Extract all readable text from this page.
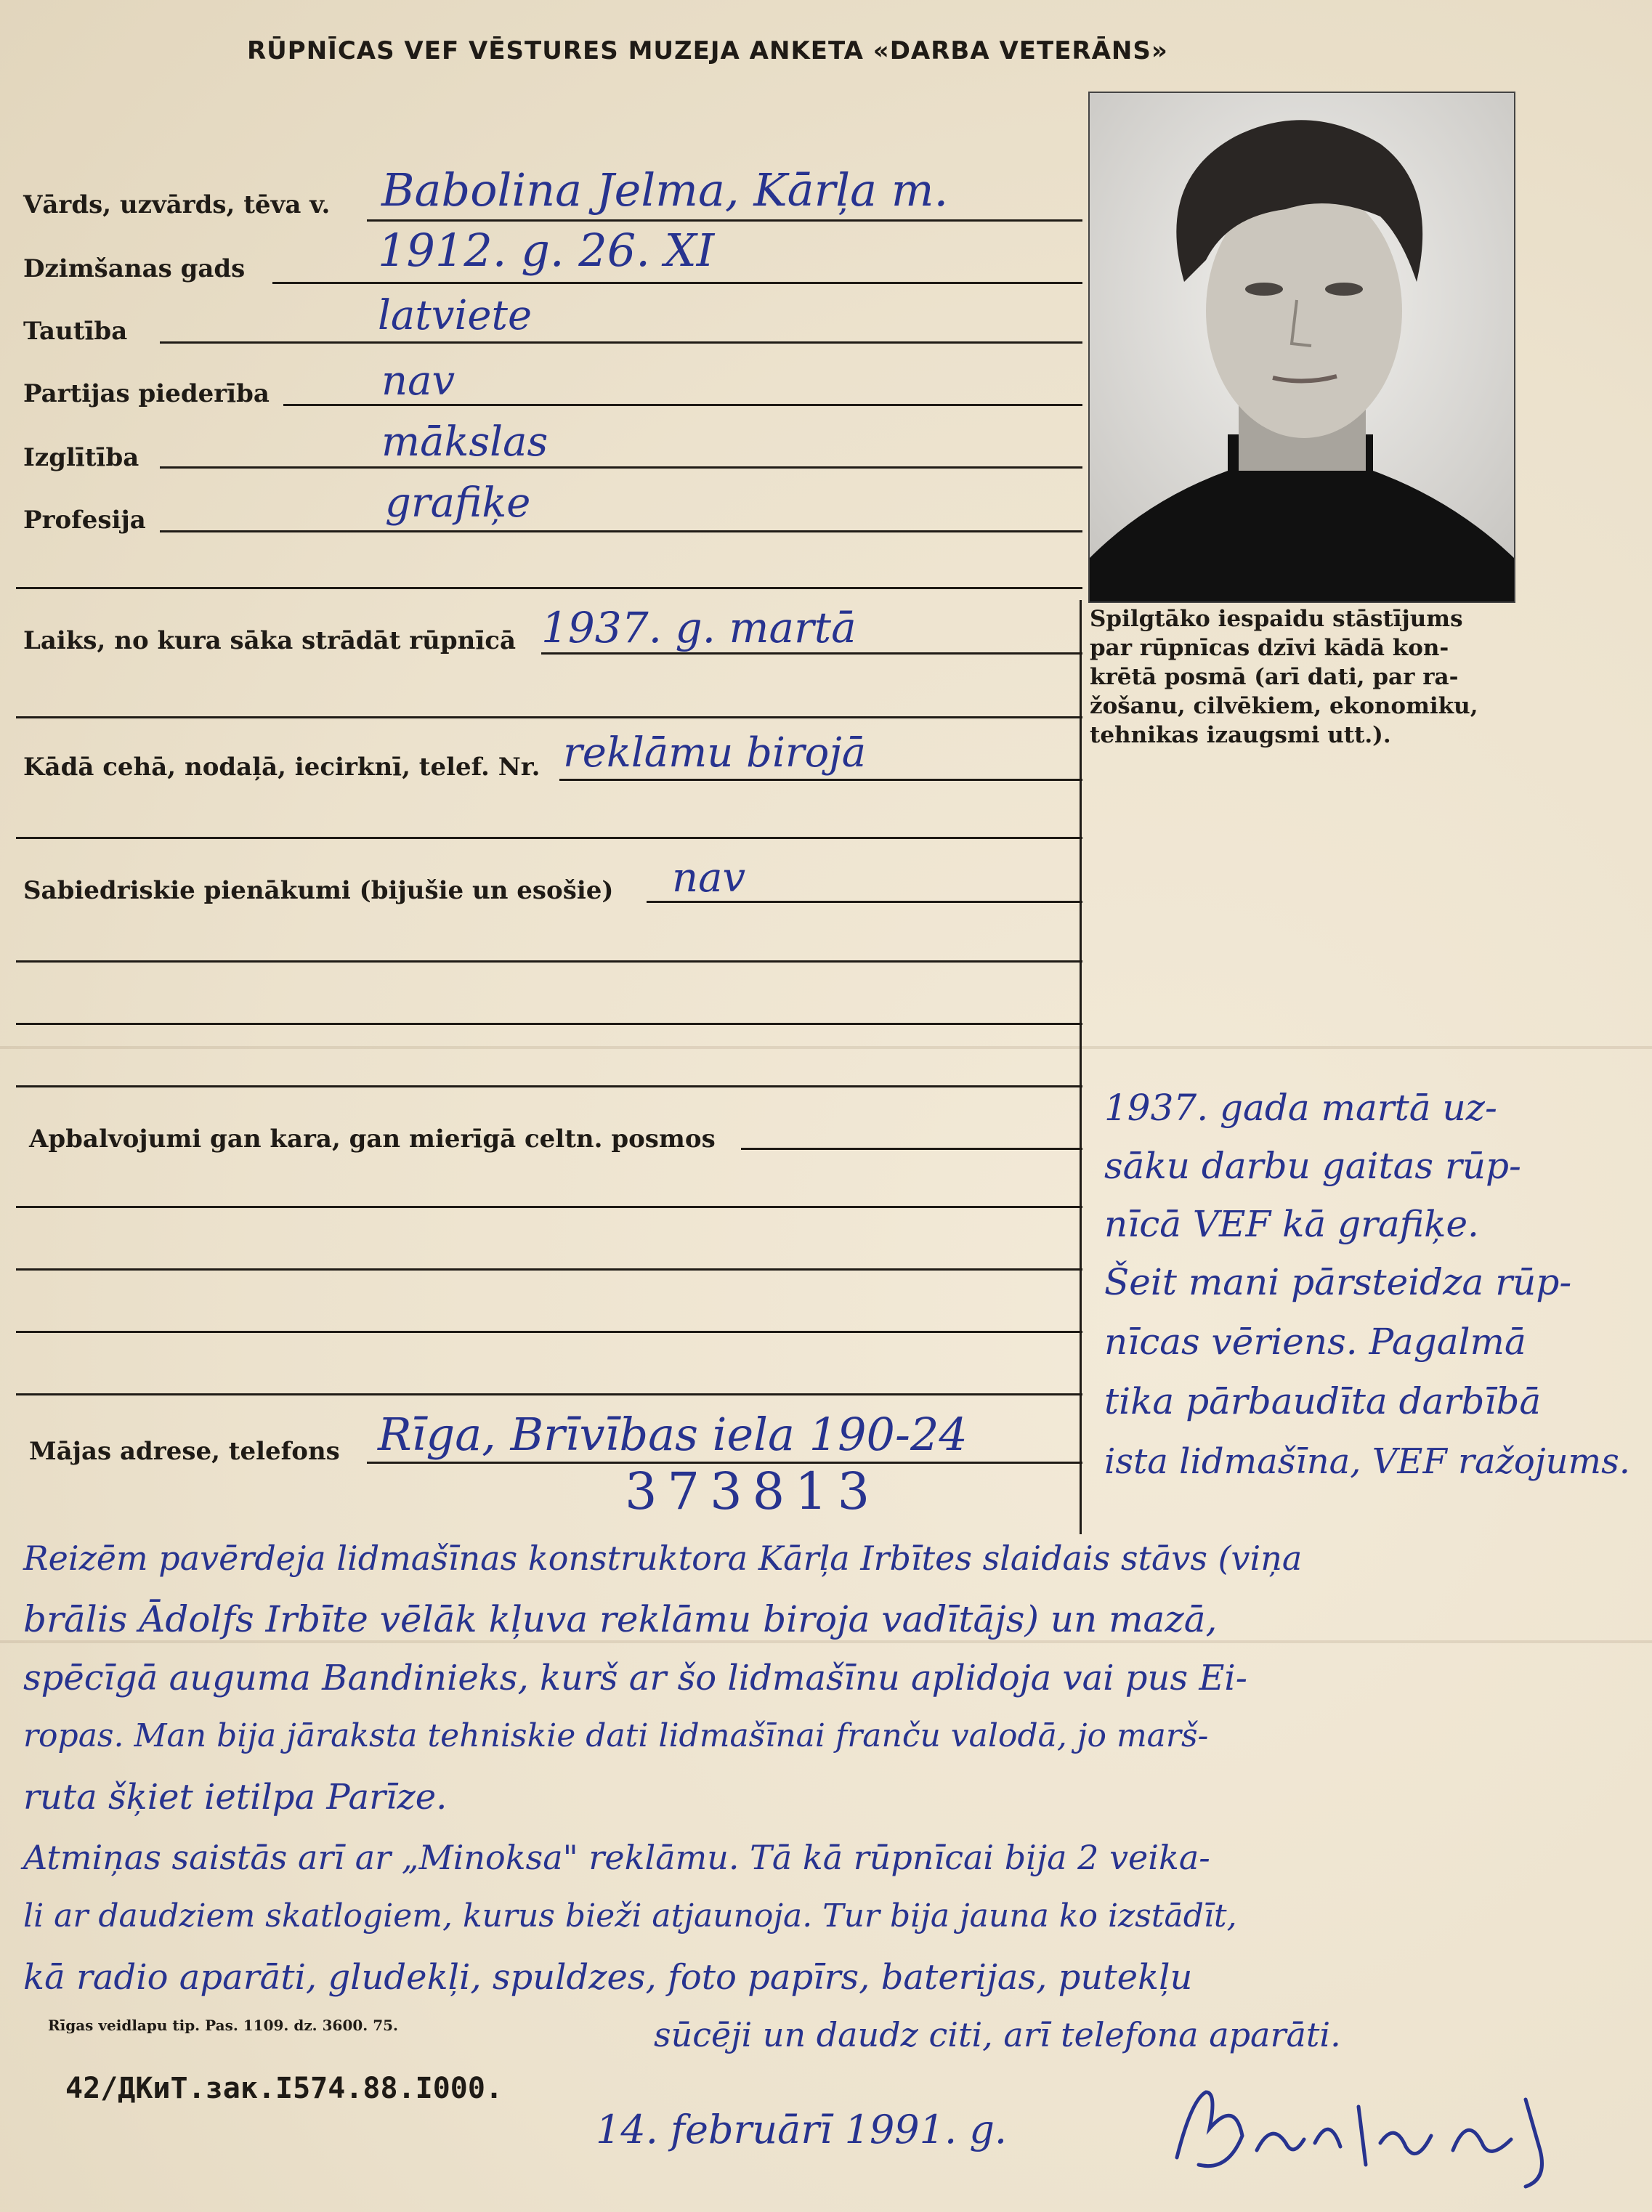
RŪPNĪCAS VEF VĒSTURES MUZEJA ANKETA «DARBA VETERĀNS»
Vārds, uzvārds, tēva v. Babolina Jelma, Kārļa m.
Dzimšanas gads	1912. g. 26. XI
Tautība	latviete
Partijas piederība	nav
Izglītība	mākslas
Profesija	grafiķe
Laiks, no kura sāka strādāt rūpnīcā 1937. g. martā
Kādā cehā, nodaļā, iecirknī, telef. Nr. reklāmu birojā
Sabiedriskie pienākumi (bijušie un esošie) nav
Apbalvojumi gan kara, gan mierīgā celtn. posmos
Mājas adrese, telefons Rīga, Brīvības iela 190-24
373813
Spilgtāko iespaidu stāstījums
par rūpnīcas dzīvi kādā kon-
krētā posmā (arī dati, par ra-
žošanu, cilvēkiem, ekonomiku,
tehnikas izaugsmi utt.).
1937. gada martā uz-
sāku darbu gaitas rūp-
nīcā VEF kā grafiķe.
Šeit mani pārsteidza rūp-
nīcas vēriens. Pagalmā
tika pārbaudīta darbībā
ista lidmašīna, VEF ražojums.
Reizēm pavērdeja lidmašīnas konstruktora Kārļa Irbītes slaidais stāvs (viņa
brālis Ādolfs Irbīte vēlāk kļuva reklāmu biroja vadītājs) un mazā,
spēcīgā auguma Bandinieks, kurš ar šo lidmašīnu aplidoja vai pus Ei-
ropas. Man bija jāraksta tehniskie dati lidmašīnai franču valodā, jo marš-
ruta šķiet ietilpa Parīze.
Atmiņas saistās arī ar „Minoksa" reklāmu. Tā kā rūpnīcai bija 2 veika-
li ar daudziem skatlogiem, kurus bieži atjaunoja. Tur bija jauna ko izstādīt,
kā radio aparāti, gludekļi, spuldzes, foto papīrs, baterijas, putekļu
sūcēji un daudz citi, arī telefona aparāti.
Rīgas veidlapu tip. Pas. 1109. dz. 3600. 75.
42/ДКиТ.зак.I574.88.I000.
14. februārī 1991. g.
